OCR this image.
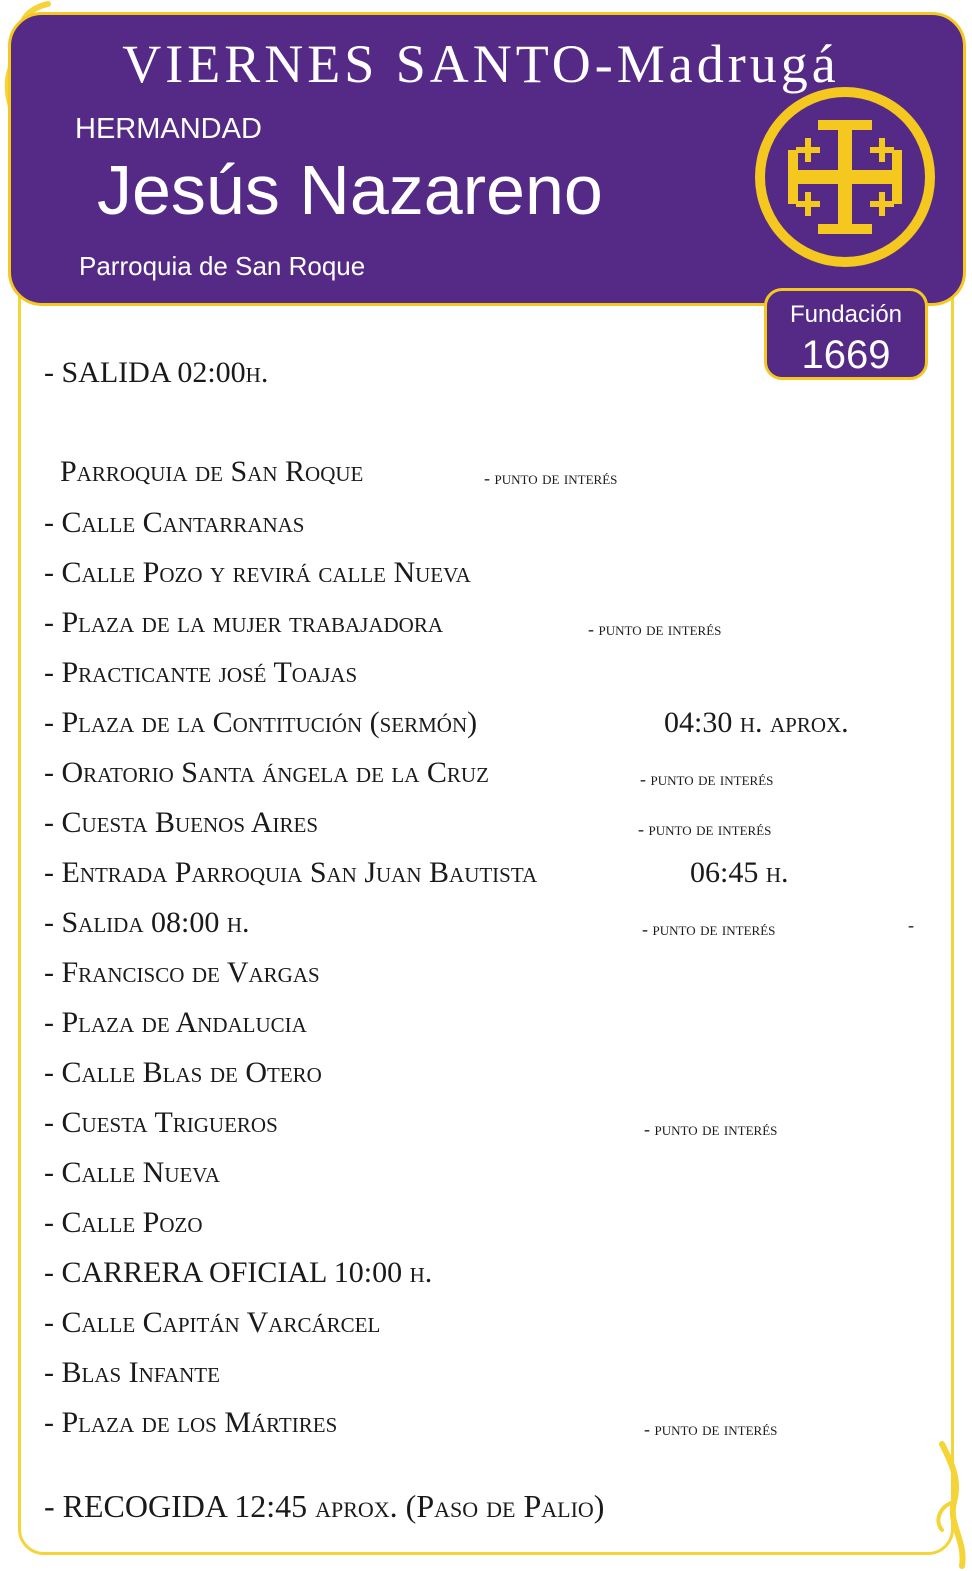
VIERNES SANTO-Madrugá
HERMANDAD
Jesús Nazareno
Parroquia de San Roque
Fundación
1669
- SALIDA 02:00h.
Parroquia de San Roque	- punto de interés
- Calle Cantarranas
- Calle Pozo y revirá calle Nueva
- Plaza de la mujer trabajadora	- punto de interés
- Practicante josé Toajas
- Plaza de la Contitución (sermón)	04:30 h. aprox.
- Oratorio Santa ángela de la Cruz	- punto de interés
- Cuesta Buenos Aires	- punto de interés
- Entrada Parroquia San Juan Bautista	06:45 h.
- Salida 08:00 h.	- punto de interés	-
- Francisco de Vargas
- Plaza de Andalucia
- Calle Blas de Otero
- Cuesta Trigueros	- punto de interés
- Calle Nueva
- Calle Pozo
- CARRERA OFICIAL 10:00 h.
- Calle Capitán Varcárcel
- Blas Infante
- Plaza de los Mártires	- punto de interés
- RECOGIDA 12:45 aprox. (Paso de Palio)
